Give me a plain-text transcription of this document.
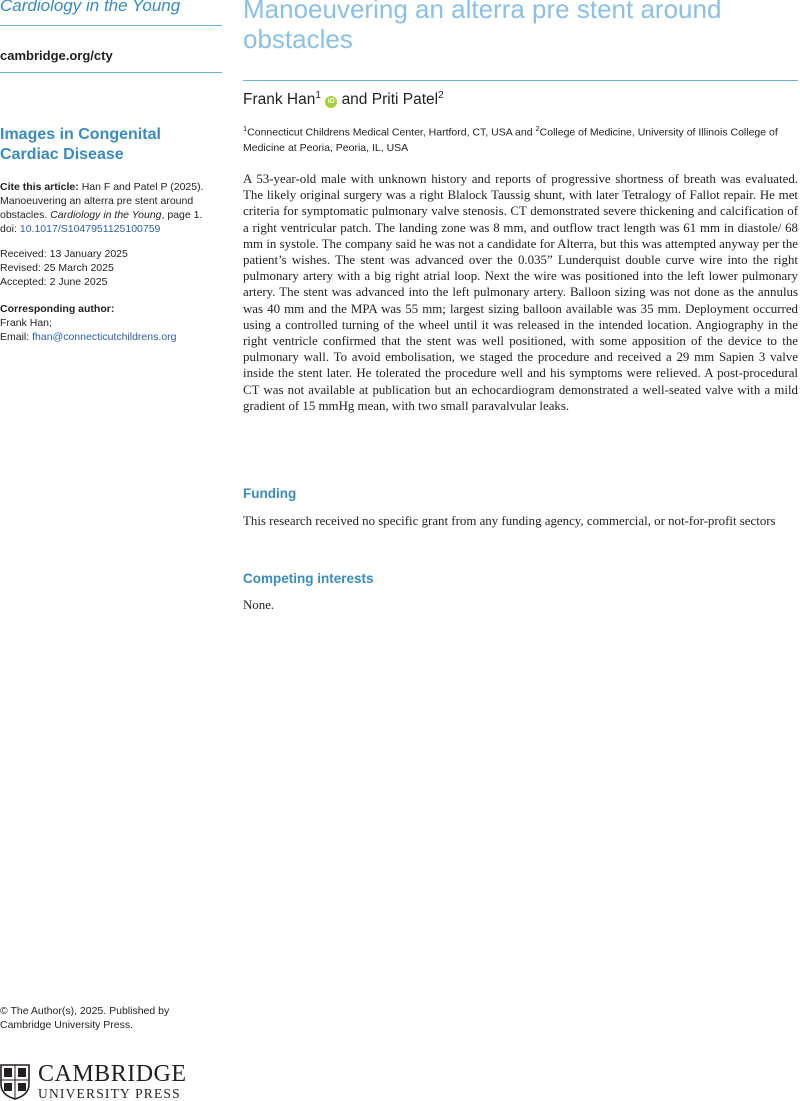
Cardiology in the Young

cambridge.org/cty

Images in Congenital Cardiac Disease

Cite this article: Han F and Patel P (2025). Manoeuvering an alterra pre stent around obstacles. Cardiology in the Young, page 1. doi: 10.1017/S1047951125100759

Received: 13 January 2025

Revised: 25 March 2025

Accepted: 2 June 2025

Corresponding author:

Frank Han;

Email: fhan@connecticutchildrens.org

© The Author(s), 2025. Published by Cambridge University Press.

CAMBRIDGE
UNIVERSITY PRESS
Manoeuvering an alterra pre stent around obstacles
Frank Han$^1$ iD and Priti Patel$^2$

$^1$Connecticut Childrens Medical Center, Hartford, CT, USA and $^2$College of Medicine, University of Illinois College of Medicine at Peoria, Peoria, IL, USA

A 53-year-old male with unknown history and reports of progressive shortness of breath was evaluated. The likely original surgery was a right Blalock Taussig shunt, with later Tetralogy of Fallot repair. He met criteria for symptomatic pulmonary valve stenosis. CT demonstrated severe thickening and calcification of a right ventricular patch. The landing zone was 8 mm, and outflow tract length was 61 mm in diastole/ 68 mm in systole. The company said he was not a candidate for Alterra, but this was attempted anyway per the patient’s wishes. The stent was advanced over the 0.035” Lunderquist double curve wire into the right pulmonary artery with a big right atrial loop. Next the wire was positioned into the left lower pulmonary artery. The stent was advanced into the left pulmonary artery. Balloon sizing was not done as the annulus was 40 mm and the MPA was 55 mm; largest sizing balloon available was 35 mm. Deployment occurred using a controlled turning of the wheel until it was released in the intended location. Angiography in the right ventricle confirmed that the stent was well positioned, with some apposition of the device to the pulmonary wall. To avoid embolisation, we staged the procedure and received a 29 mm Sapien 3 valve inside the stent later. He tolerated the procedure well and his symptoms were relieved. A post-procedural CT was not available at publication but an echocardiogram demonstrated a well-seated valve with a mild gradient of 15 mmHg mean, with two small paravalvular leaks.

Funding

This research received no specific grant from any funding agency, commercial, or not-for-profit sectors

Competing interests

None.
